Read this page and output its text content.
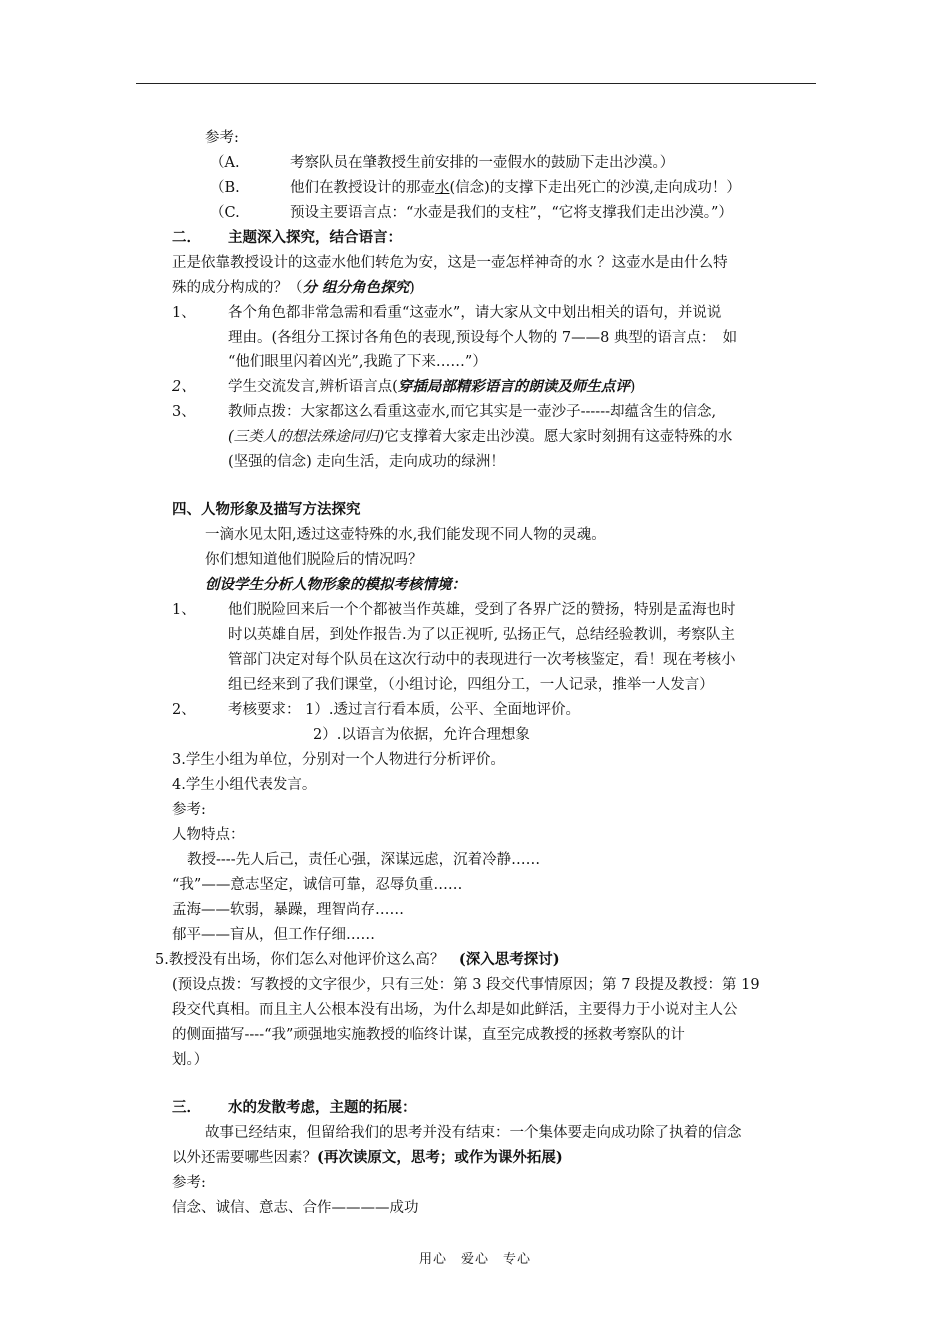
参考:
（A.	考察队员在肇教授生前安排的一壶假水的鼓励下走出沙漠。）
（B.	他们在教授设计的那壶水(信念)的支撑下走出死亡的沙漠,走向成功！）
（C.	预设主要语言点：“水壶是我们的支柱”，“它将支撑我们走出沙漠。”）
二． 主题深入探究，结合语言：
正是依靠教授设计的这壶水他们转危为安，这是一壶怎样神奇的水 ？这壶水是由什么特
殊的成分构成的？（分 组分角色探究)
1、 各个角色都非常急需和看重“这壶水”，请大家从文中划出相关的语句，并说说
理由。(各组分工探讨各角色的表现,预设每个人物的 7——8 典型的语言点：　如
“他们眼里闪着凶光”,我跪了下来……”）
2、 学生交流发言,辨析语言点(穿插局部精彩语言的朗读及师生点评)
3、 教师点拨：大家都这么看重这壶水,而它其实是一壶沙子------却蕴含生的信念,
(三类人的想法殊途同归)它支撑着大家走出沙漠。愿大家时刻拥有这壶特殊的水
(坚强的信念) 走向生活，走向成功的绿洲！
四、人物形象及描写方法探究
一滴水见太阳,透过这壶特殊的水,我们能发现不同人物的灵魂。
你们想知道他们脱险后的情况吗？
创设学生分析人物形象的模拟考核情境：
1、 他们脱险回来后一个个都被当作英雄，受到了各界广泛的赞扬，特别是孟海也时
时以英雄自居，到处作报告.为了以正视听, 弘扬正气，总结经验教训，考察队主
管部门决定对每个队员在这次行动中的表现进行一次考核鉴定，看！现在考核小
组已经来到了我们课堂，（小组讨论，四组分工，一人记录，推举一人发言）
2、 考核要求： 1）.透过言行看本质，公平、全面地评价。
2）.以语言为依据，允许合理想象
3.学生小组为单位，分别对一个人物进行分析评价。
4.学生小组代表发言。
参考:
人物特点：
教授----先人后己，责任心强，深谋远虑，沉着冷静……
“我”——意志坚定，诚信可靠，忍辱负重……
孟海——软弱，暴躁，理智尚存……
郁平——盲从，但工作仔细……
5.教授没有出场，你们怎么对他评价这么高？　(深入思考探讨)
(预设点拨：写教授的文字很少，只有三处：第 3 段交代事情原因；第 7 段提及教授：第 19
段交代真相。而且主人公根本没有出场，为什么却是如此鲜活，主要得力于小说对主人公
的侧面描写----“我”顽强地实施教授的临终计谋，直至完成教授的拯救考察队的计
划。）
三． 水的发散考虑，主题的拓展：
故事已经结束，但留给我们的思考并没有结束：一个集体要走向成功除了执着的信念
以外还需要哪些因素？(再次读原文，思考；或作为课外拓展)
参考:
信念、诚信、意志、合作————成功
用心　爱心　专心
